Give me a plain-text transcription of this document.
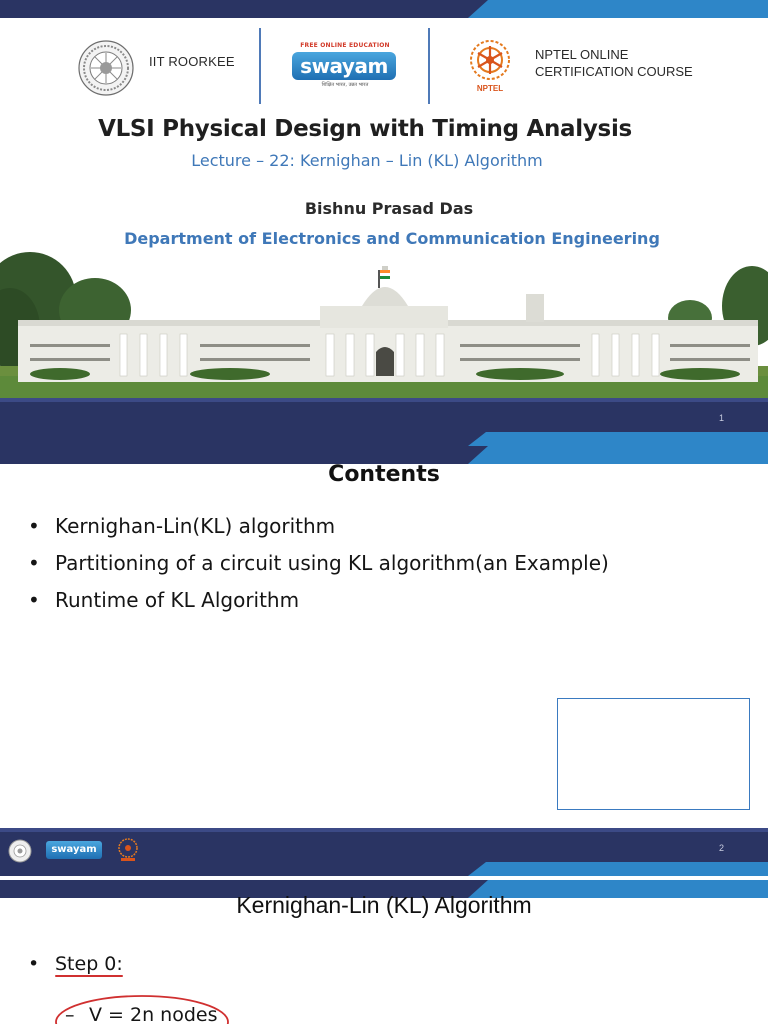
IIT ROORKEE
FREE ONLINE EDUCATION
swayam
शिक्षित भारत, उन्नत भारत	NPTEL
NPTEL ONLINE
CERTIFICATION COURSE
VLSI Physical Design with Timing Analysis
Lecture – 22: Kernighan – Lin (KL) Algorithm
Bishnu Prasad Das
Department of Electronics and Communication Engineering
1
Contents
• Kernighan-Lin(KL) algorithm
• Partitioning of a circuit using KL algorithm(an Example)
• Runtime of KL Algorithm
swayam	2
Kernighan-Lin (KL) Algorithm
• Step 0:
– V = 2n nodes
